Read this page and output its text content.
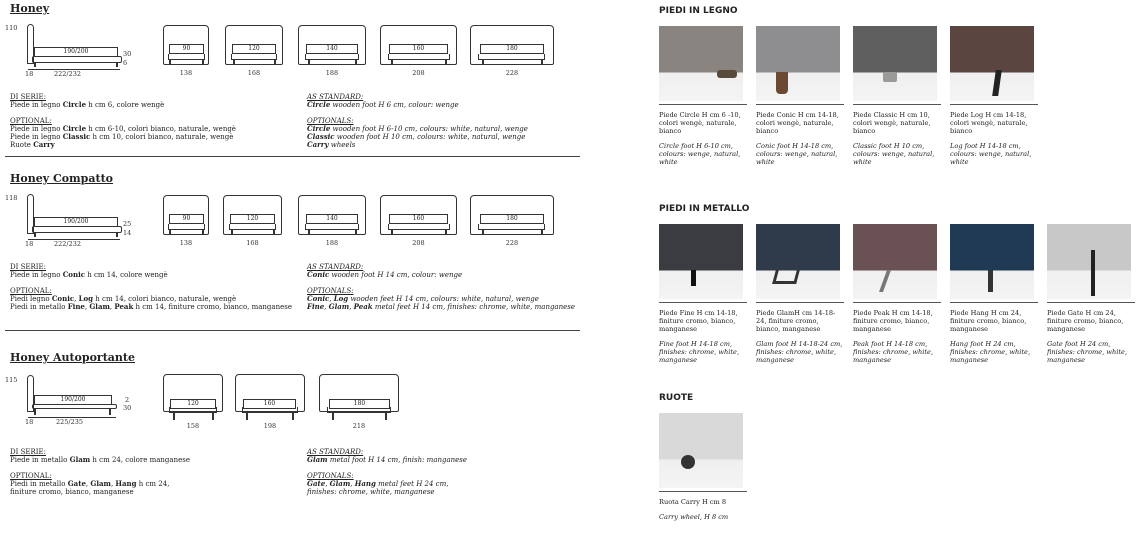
Honey
110
190/200	30
6
18	222/232
90
138
120
168
140
188
160
208
180
228
DI SERIE:
Piede in legno Circle h cm 6, colore wengè
AS STANDARD:
Circle wooden foot H 6 cm, colour: wenge
OPTIONAL:
Piede in legno Circle h cm 6-10, colori bianco, naturale, wengè
Piede in legno Classic h cm 10, colori bianco, naturale, wengè
Ruote Carry
OPTIONALS:
Circle wooden foot H 6-10 cm, colours: white, natural, wenge
Classic wooden foot H 10 cm, colours: white, natural, wenge
Carry wheels
Honey Compatto
118
190/200	25
14
18	222/232
90
138
120
168
140
188
160
208
180
228
DI SERIE:
Piede in legno Conic h cm 14, colore wengè
AS STANDARD:
Conic wooden foot H 14 cm, colour: wenge
OPTIONAL:
Piedi legno Conic, Log h cm 14, colori bianco, naturale, wengè
Piedi in metallo Fine, Glam, Peak h cm 14, finiture cromo, bianco, manganese
OPTIONALS:
Conic, Log wooden feet H 14 cm, colours: white, natural, wenge
Fine, Glam, Peak metal feet H 14 cm, finishes: chrome, white, manganese
Honey Autoportante
115
190/200	2
30
18	225/235
120
158
160
198
180
218
DI SERIE:
Piede in metallo Glam h cm 24, colore manganese
AS STANDARD:
Glam metal foot H 14 cm, finish: manganese
OPTIONAL:
Piedi in metallo Gate, Glam, Hang h cm 24,
finiture cromo, bianco, manganese
OPTIONALS:
Gate, Glam, Hang metal feet H 24 cm,
finishes: chrome, white, manganese
PIEDI IN LEGNO
Piede Circle H cm 6 -10, colori wengè, naturale, bianco
Circle foot H 6-10 cm, colours: wenge, natural, white
Piede Conic H cm 14-18, colori wengè, naturale, bianco
Conic foot H 14-18 cm, colours: wenge, natural, white
Piede Classic H cm 10, colori wengè, naturale, bianco
Classic foot H 10 cm, colours: wenge, natural, white
Piede Log H cm 14-18, colori wengè, naturale, bianco
Log foot H 14-18 cm, colours: wenge, natural, white
PIEDI IN METALLO
Piede Fine H cm 14-18, finiture cromo, bianco, manganese
Fine foot H 14-18 cm, finishes: chrome, white, manganese
Piede GlamH cm 14-18-24, finiture cromo, bianco, manganese
Glam foot H 14-18-24 cm, finishes: chrome, white, manganese
Piede Peak H cm 14-18, finiture cromo, bianco, manganese
Peak foot H 14-18 cm, finishes: chrome, white, manganese
Piede Hang H cm 24, finiture cromo, bianco, manganese
Hang foot H 24 cm, finishes: chrome, white, manganese
Piede Gate H cm 24, finiture cromo, bianco, manganese
Gate foot H 24 cm, finishes: chrome, white, manganese
RUOTE
Ruota Carry H cm 8
Carry wheel, H 8 cm
